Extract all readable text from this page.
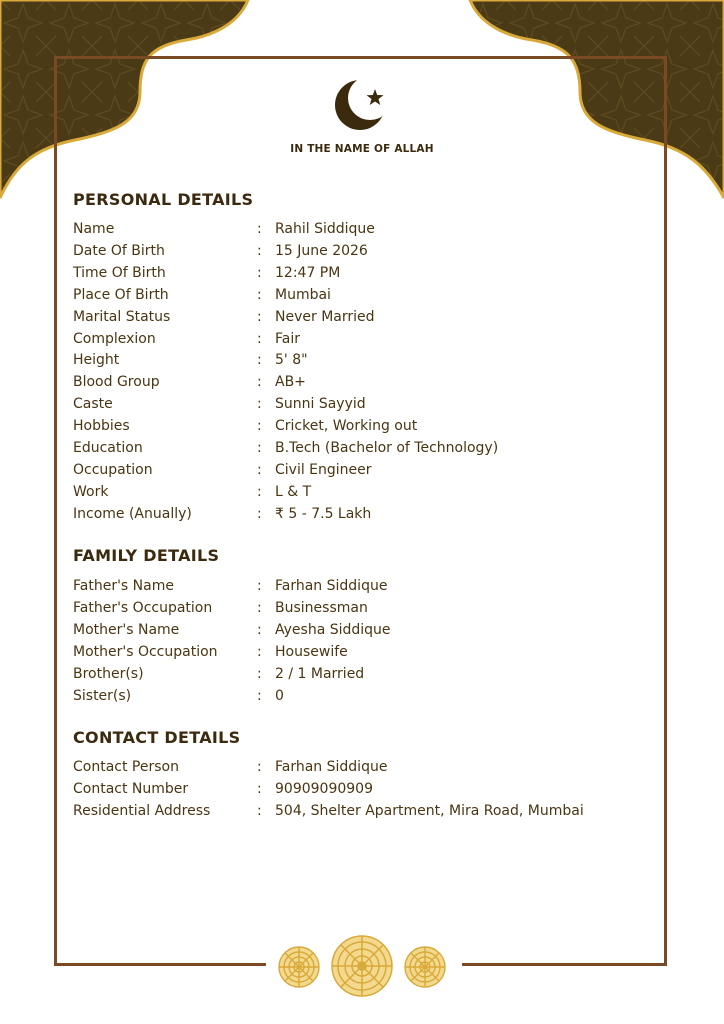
IN THE NAME OF ALLAH
PERSONAL DETAILS
Name	: Rahil Siddique
Date Of Birth	: 15 June 2026
Time Of Birth	: 12:47 PM
Place Of Birth	: Mumbai
Marital Status	: Never Married
Complexion	: Fair
Height	: 5' 8"
Blood Group	: AB+
Caste	: Sunni Sayyid
Hobbies	: Cricket, Working out
Education	: B.Tech (Bachelor of Technology)
Occupation	: Civil Engineer
Work	: L & T
Income (Anually)	: ₹ 5 - 7.5 Lakh
FAMILY DETAILS
Father's Name	: Farhan Siddique
Father's Occupation	: Businessman
Mother's Name	: Ayesha Siddique
Mother's Occupation	: Housewife
Brother(s)	: 2 / 1 Married
Sister(s)	: 0
CONTACT DETAILS
Contact Person	: Farhan Siddique
Contact Number	: 90909090909
Residential Address	: 504, Shelter Apartment, Mira Road, Mumbai
